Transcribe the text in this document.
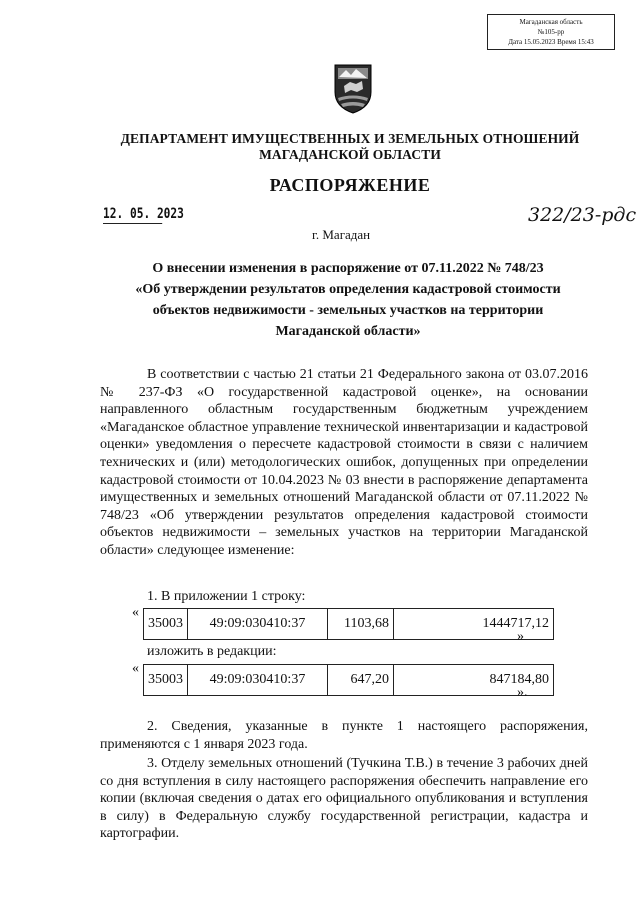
Магаданская область
№105-рр
Дата 15.05.2023 Время 15:43
ДЕПАРТАМЕНТ ИМУЩЕСТВЕННЫХ И ЗЕМЕЛЬНЫХ ОТНОШЕНИЙ
МАГАДАНСКОЙ ОБЛАСТИ
РАСПОРЯЖЕНИЕ
12. 05. 2023	322/23-рдс
г. Магадан
О внесении изменения в распоряжение от 07.11.2022 № 748/23
«Об утверждении результатов определения кадастровой стоимости
объектов недвижимости - земельных участков на территории
Магаданской области»
В соответствии с частью 21 статьи 21 Федерального закона от 03.07.2016 № 237-ФЗ «О государственной кадастровой оценке», на основании направленного областным государственным бюджетным учреждением «Магаданское областное управление технической инвентаризации и кадастровой оценки» уведомления о пересчете кадастровой стоимости в связи с наличием технических и (или) методологических ошибок, допущенных при определении кадастровой стоимости от 10.04.2023 № 03 внести в распоряжение департамента имущественных и земельных отношений Магаданской области от 07.11.2022 № 748/23 «Об утверждении результатов определения кадастровой стоимости объектов недвижимости – земельных участков на территории Магаданской области» следующее изменение:
1. В приложении 1 строку:
«
35003	49:09:030410:37	1103,68	1444717,12
»
изложить в редакции:
«
35003	49:09:030410:37	647,20	847184,80
».
2. Сведения, указанные в пункте 1 настоящего распоряжения, применяются с 1 января 2023 года.
3. Отделу земельных отношений (Тучкина Т.В.) в течение 3 рабочих дней со дня вступления в силу настоящего распоряжения обеспечить направление его копии (включая сведения о датах его официального опубликования и вступления в силу) в Федеральную службу государственной регистрации, кадастра и картографии.
